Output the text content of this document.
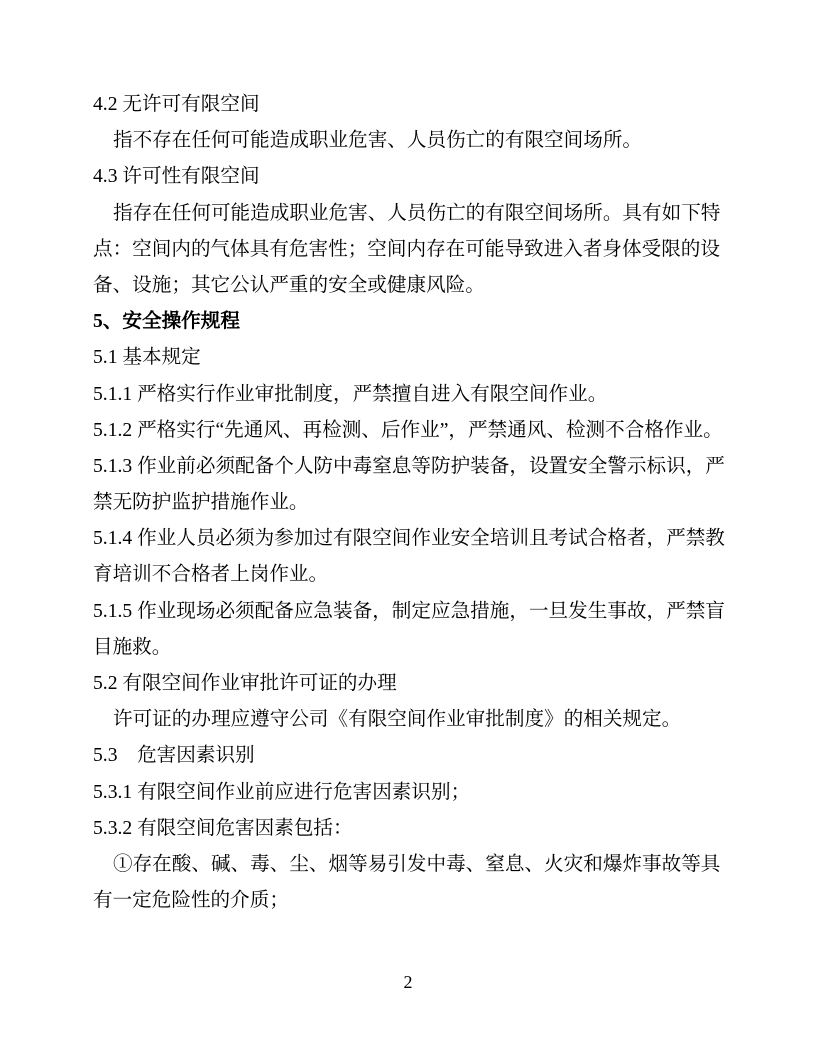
4.2 无许可有限空间
指不存在任何可能造成职业危害、人员伤亡的有限空间场所。
4.3 许可性有限空间
指存在任何可能造成职业危害、人员伤亡的有限空间场所。具有如下特
点：空间内的气体具有危害性；空间内存在可能导致进入者身体受限的设
备、设施；其它公认严重的安全或健康风险。
5、安全操作规程
5.1 基本规定
5.1.1 严格实行作业审批制度，严禁擅自进入有限空间作业。
5.1.2 严格实行“先通风、再检测、后作业”，严禁通风、检测不合格作业。
5.1.3 作业前必须配备个人防中毒窒息等防护装备，设置安全警示标识，严
禁无防护监护措施作业。
5.1.4 作业人员必须为参加过有限空间作业安全培训且考试合格者，严禁教
育培训不合格者上岗作业。
5.1.5 作业现场必须配备应急装备，制定应急措施，一旦发生事故，严禁盲
目施救。
5.2 有限空间作业审批许可证的办理
许可证的办理应遵守公司《有限空间作业审批制度》的相关规定。
5.3　危害因素识别
5.3.1 有限空间作业前应进行危害因素识别；
5.3.2 有限空间危害因素包括：
①存在酸、碱、毒、尘、烟等易引发中毒、窒息、火灾和爆炸事故等具
有一定危险性的介质；
2
